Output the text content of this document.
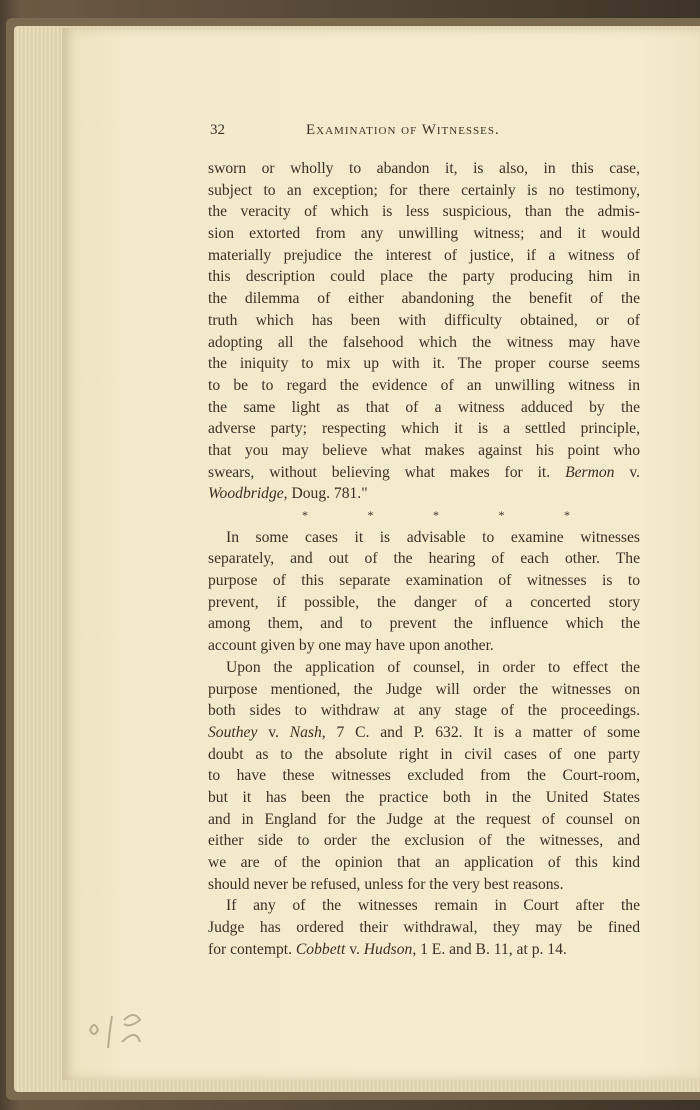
32	Examination of Witnesses.
sworn or wholly to abandon it, is also, in this case,
subject to an exception; for there certainly is no testimony,
the veracity of which is less suspicious, than the admis-
sion extorted from any unwilling witness; and it would
materially prejudice the interest of justice, if a witness of
this description could place the party producing him in
the dilemma of either abandoning the benefit of the
truth which has been with difficulty obtained, or of
adopting all the falsehood which the witness may have
the iniquity to mix up with it. The proper course seems
to be to regard the evidence of an unwilling witness in
the same light as that of a witness adduced by the
adverse party; respecting which it is a settled principle,
that you may believe what makes against his point who
swears, without believing what makes for it. Bermon v.
Woodbridge, Doug. 781."
*	*	*	*	*
In some cases it is advisable to examine witnesses
separately, and out of the hearing of each other. The
purpose of this separate examination of witnesses is to
prevent, if possible, the danger of a concerted story
among them, and to prevent the influence which the
account given by one may have upon another.
Upon the application of counsel, in order to effect the
purpose mentioned, the Judge will order the witnesses on
both sides to withdraw at any stage of the proceedings.
Southey v. Nash, 7 C. and P. 632. It is a matter of some
doubt as to the absolute right in civil cases of one party
to have these witnesses excluded from the Court-room,
but it has been the practice both in the United States
and in England for the Judge at the request of counsel on
either side to order the exclusion of the witnesses, and
we are of the opinion that an application of this kind
should never be refused, unless for the very best reasons.
If any of the witnesses remain in Court after the
Judge has ordered their withdrawal, they may be fined
for contempt. Cobbett v. Hudson, 1 E. and B. 11, at p. 14.
